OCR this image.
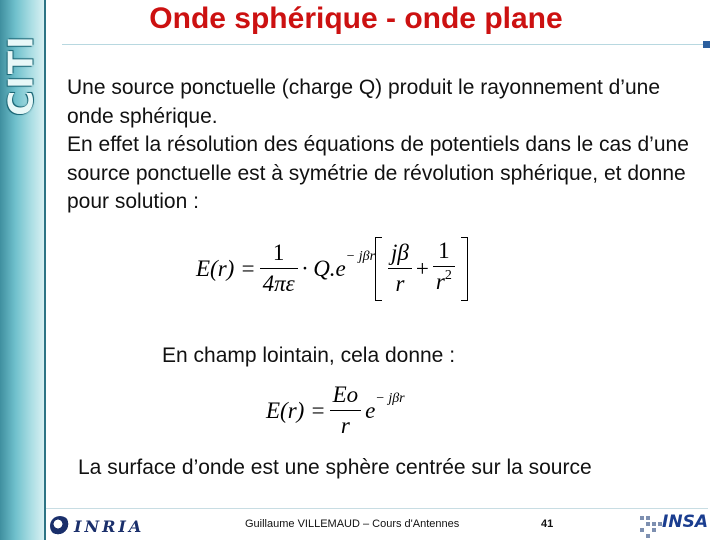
CITI
Onde sphérique - onde plane

Une source ponctuelle (charge Q) produit le rayonnement d’une onde sphérique.

En effet la résolution des équations de potentiels dans le cas d’une source ponctuelle est à symétrie de révolution sphérique, et donne pour solution :

$E(r) = \frac{1}{4\pi\varepsilon} \cdot Q.e - j\beta r \frac{j\beta}{r} + \frac{1}{r^2}$
En champ lointain, cela donne :
$E(r) = \frac{Eo}{r}$ e − jβr
La surface d’onde est une sphère centrée sur la source
INRIA	Guillaume VILLEMAUD – Cours d'Antennes	41	INSA
